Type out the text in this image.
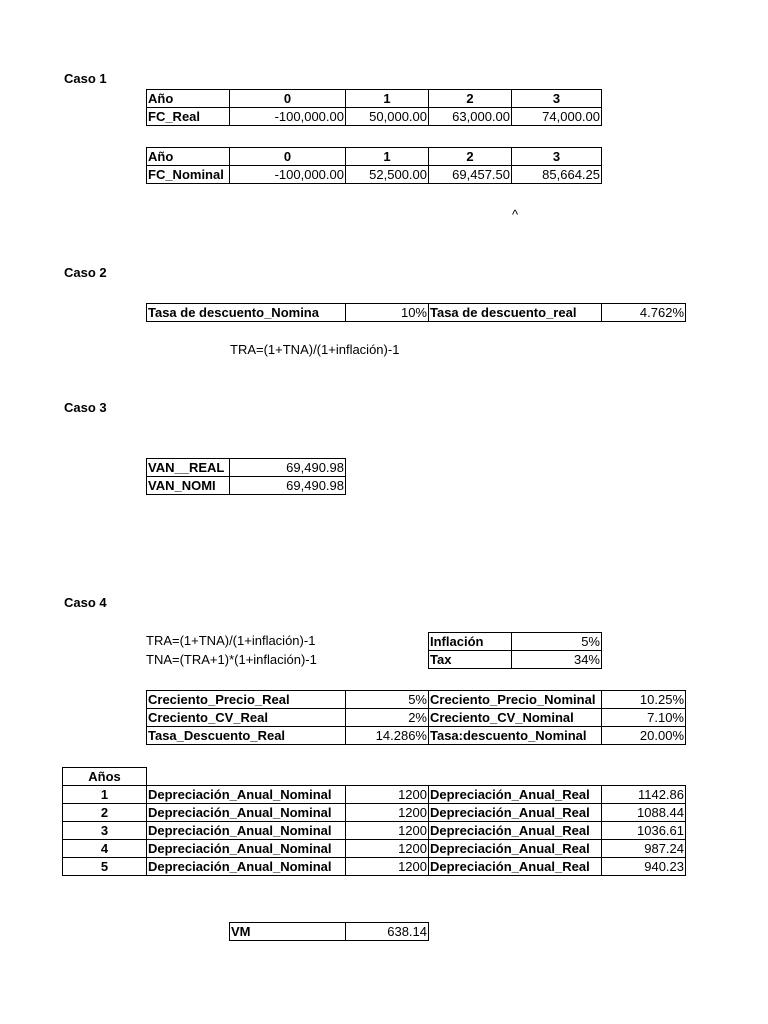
Caso 1
Año	0	1	2	3
FC_Real	-100,000.00	50,000.00	63,000.00	74,000.00
Año	0	1	2	3
FC_Nominal	-100,000.00	52,500.00	69,457.50	85,664.25
^
Caso 2
Tasa de descuento_Nomina	10%	Tasa de descuento_real	4.762%
TRA=(1+TNA)/(1+inflación)-1
Caso 3
VAN__REAL	69,490.98
VAN_NOMI	69,490.98
Caso 4
TRA=(1+TNA)/(1+inflación)-1
TNA=(TRA+1)*(1+inflación)-1
Inflación	5%
Tax	34%
Creciento_Precio_Real	5%	Creciento_Precio_Nominal	10.25%
Creciento_CV_Real	2%	Creciento_CV_Nominal	7.10%
Tasa_Descuento_Real	14.286%	Tasa:descuento_Nominal	20.00%
Años				
1	Depreciación_Anual_Nominal	1200	Depreciación_Anual_Real	1142.86
2	Depreciación_Anual_Nominal	1200	Depreciación_Anual_Real	1088.44
3	Depreciación_Anual_Nominal	1200	Depreciación_Anual_Real	1036.61
4	Depreciación_Anual_Nominal	1200	Depreciación_Anual_Real	987.24
5	Depreciación_Anual_Nominal	1200	Depreciación_Anual_Real	940.23
VM	638.14
